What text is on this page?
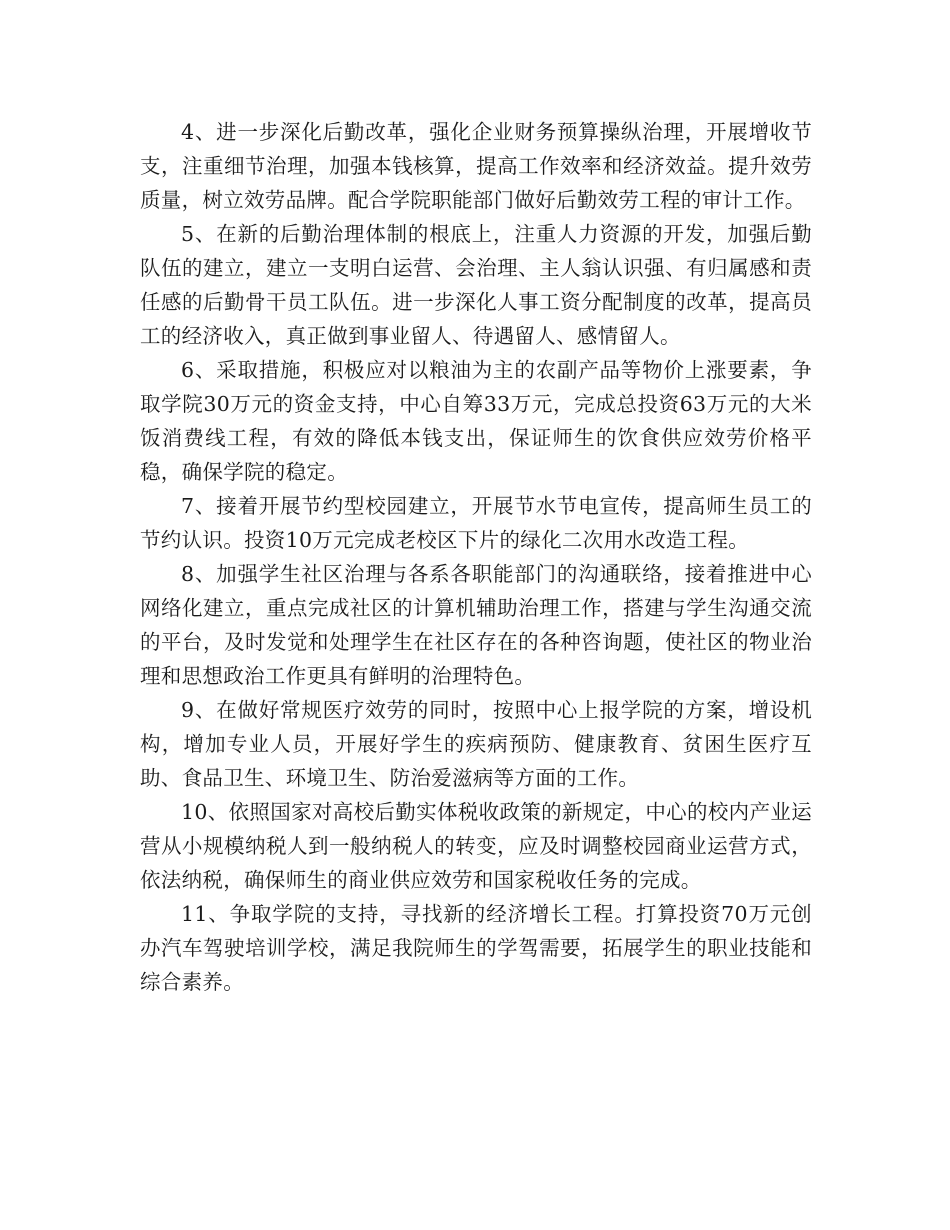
4、进一步深化后勤改革，强化企业财务预算操纵治理，开展增收节支，注重细节治理，加强本钱核算，提高工作效率和经济效益。提升效劳质量，树立效劳品牌。配合学院职能部门做好后勤效劳工程的审计工作。

5、在新的后勤治理体制的根底上，注重人力资源的开发，加强后勤队伍的建立，建立一支明白运营、会治理、主人翁认识强、有归属感和责任感的后勤骨干员工队伍。进一步深化人事工资分配制度的改革，提高员工的经济收入，真正做到事业留人、待遇留人、感情留人。

6、采取措施，积极应对以粮油为主的农副产品等物价上涨要素，争取学院30万元的资金支持，中心自筹33万元，完成总投资63万元的大米饭消费线工程，有效的降低本钱支出，保证师生的饮食供应效劳价格平稳，确保学院的稳定。

7、接着开展节约型校园建立，开展节水节电宣传，提高师生员工的节约认识。投资10万元完成老校区下片的绿化二次用水改造工程。

8、加强学生社区治理与各系各职能部门的沟通联络，接着推进中心网络化建立，重点完成社区的计算机辅助治理工作，搭建与学生沟通交流的平台，及时发觉和处理学生在社区存在的各种咨询题，使社区的物业治理和思想政治工作更具有鲜明的治理特色。

9、在做好常规医疗效劳的同时，按照中心上报学院的方案，增设机构，增加专业人员，开展好学生的疾病预防、健康教育、贫困生医疗互助、食品卫生、环境卫生、防治爱滋病等方面的工作。

10、依照国家对高校后勤实体税收政策的新规定，中心的校内产业运营从小规模纳税人到一般纳税人的转变，应及时调整校园商业运营方式，依法纳税，确保师生的商业供应效劳和国家税收任务的完成。

11、争取学院的支持，寻找新的经济增长工程。打算投资70万元创办汽车驾驶培训学校，满足我院师生的学驾需要，拓展学生的职业技能和综合素养。
